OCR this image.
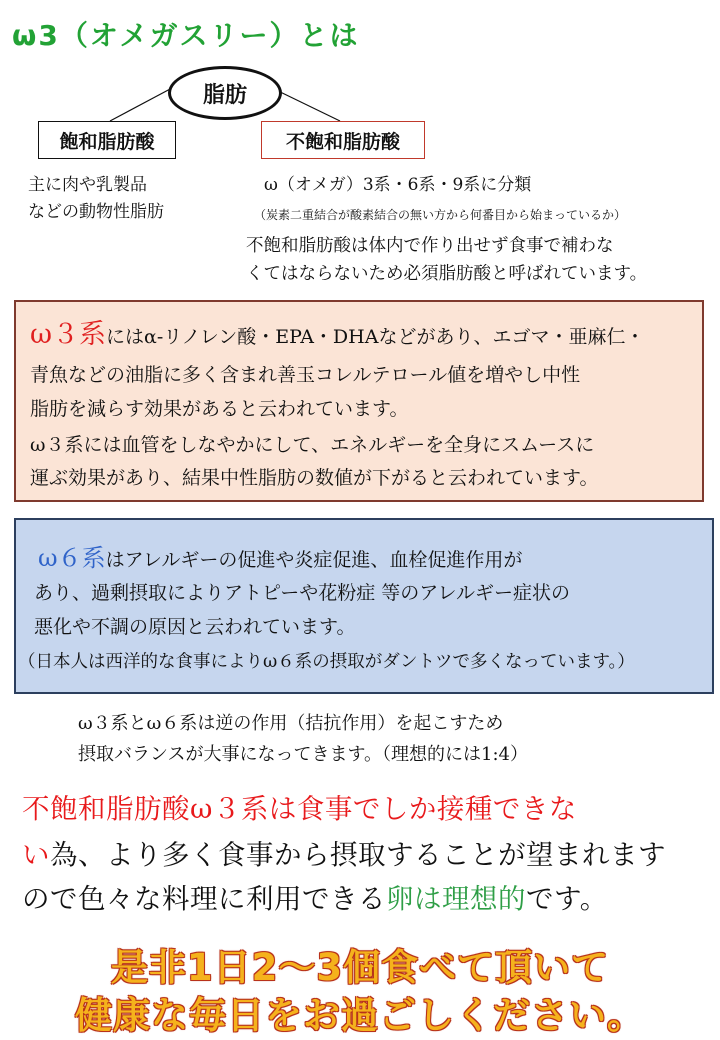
ω3（オメガスリー）とは
脂肪
飽和脂肪酸	不飽和脂肪酸
主に肉や乳製品
などの動物性脂肪
ω（オメガ）3系・6系・9系に分類
（炭素二重結合が酸素結合の無い方から何番目から始まっているか）
不飽和脂肪酸は体内で作り出せず食事で補わな
くてはならないため必須脂肪酸と呼ばれています。
ω３系にはα-リノレン酸・EPA・DHAなどがあり、エゴマ・亜麻仁・
青魚などの油脂に多く含まれ善玉コレルテロール値を増やし中性
脂肪を減らす効果があると云われています。
ω３系には血管をしなやかにして、エネルギーを全身にスムースに
運ぶ効果があり、結果中性脂肪の数値が下がると云われています。
ω６系はアレルギーの促進や炎症促進、血栓促進作用が
あり、過剰摂取によりアトピーや花粉症 等のアレルギー症状の
悪化や不調の原因と云われています。
（日本人は西洋的な食事によりω６系の摂取がダントツで多くなっています。）
ω３系とω６系は逆の作用（拮抗作用）を起こすため
摂取バランスが大事になってきます。（理想的には1:4）
不飽和脂肪酸ω３系は食事でしか接種できな
い為、より多く食事から摂取することが望まれます
ので色々な料理に利用できる卵は理想的です。
是非1日2～3個食べて頂いて
健康な毎日をお過ごしください。
